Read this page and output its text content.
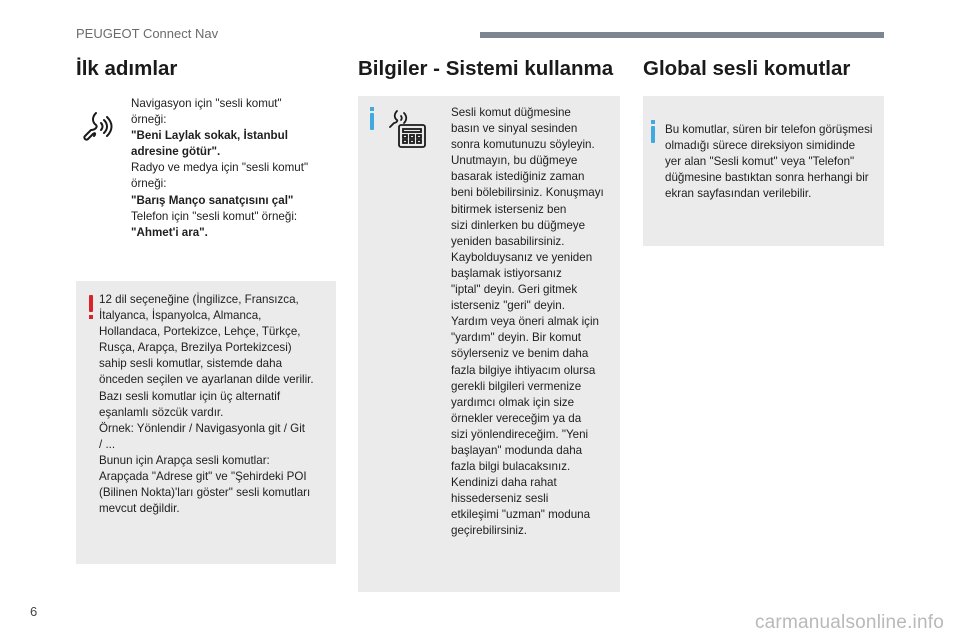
PEUGEOT Connect Nav
İlk adımlar
Navigasyon için "sesli komut"
örneği:
"Beni Laylak sokak, İstanbul
adresine götür".
Radyo ve medya için "sesli komut"
örneği:
"Barış Manço sanatçısını çal"
Telefon için "sesli komut" örneği:
"Ahmet'i ara".
12 dil seçeneğine (İngilizce, Fransızca,
İtalyanca, İspanyolca, Almanca,
Hollandaca, Portekizce, Lehçe, Türkçe,
Rusça, Arapça, Brezilya Portekizcesi)
sahip sesli komutlar, sistemde daha
önceden seçilen ve ayarlanan dilde verilir.
Bazı sesli komutlar için üç alternatif
eşanlamlı sözcük vardır.
Örnek: Yönlendir / Navigasyonla git / Git
/ ...
Bunun için Arapça sesli komutlar:
Arapçada "Adrese git" ve "Şehirdeki POI
(Bilinen Nokta)'ları göster" sesli komutları
mevcut değildir.
Bilgiler - Sistemi kullanma
Sesli komut düğmesine
basın ve sinyal sesinden
sonra komutunuzu söyleyin.
Unutmayın, bu düğmeye
basarak istediğiniz zaman
beni bölebilirsiniz. Konuşmayı
bitirmek isterseniz ben
sizi dinlerken bu düğmeye
yeniden basabilirsiniz.
Kaybolduysanız ve yeniden
başlamak istiyorsanız
"iptal" deyin. Geri gitmek
isterseniz "geri" deyin.
Yardım veya öneri almak için
"yardım" deyin. Bir komut
söylerseniz ve benim daha
fazla bilgiye ihtiyacım olursa
gerekli bilgileri vermenize
yardımcı olmak için size
örnekler vereceğim ya da
sizi yönlendireceğim. "Yeni
başlayan" modunda daha
fazla bilgi bulacaksınız.
Kendinizi daha rahat
hissederseniz sesli
etkileşimi "uzman" moduna
geçirebilirsiniz.
Global sesli komutlar
Bu komutlar, süren bir telefon görüşmesi
olmadığı sürece direksiyon simidinde
yer alan "Sesli komut" veya "Telefon"
düğmesine bastıktan sonra herhangi bir
ekran sayfasından verilebilir.
6
carmanualsonline.info
